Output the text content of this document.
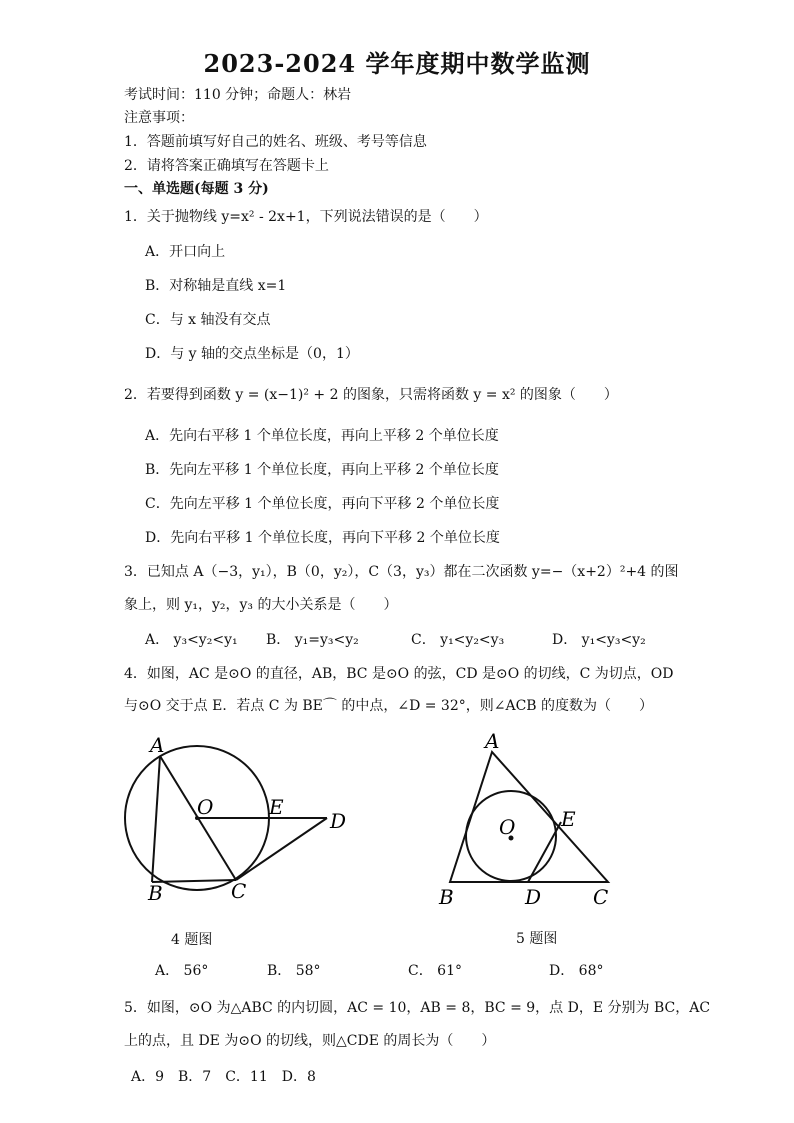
2023-2024 学年度期中数学监测
考试时间：110 分钟；命题人：林岩
注意事项：
1．答题前填写好自己的姓名、班级、考号等信息
2．请将答案正确填写在答题卡上
一、单选题(每题 3 分)
1．关于抛物线 y=x² - 2x+1，下列说法错误的是（　　）
A．开口向上
B．对称轴是直线 x=1
C．与 x 轴没有交点
D．与 y 轴的交点坐标是（0，1）
2．若要得到函数 y = (x−1)² + 2 的图象，只需将函数 y = x² 的图象（　　）
A．先向右平移 1 个单位长度，再向上平移 2 个单位长度
B．先向左平移 1 个单位长度，再向上平移 2 个单位长度
C．先向左平移 1 个单位长度，再向下平移 2 个单位长度
D．先向右平移 1 个单位长度，再向下平移 2 个单位长度
3．已知点 A（−3，y₁），B（0，y₂），C（3，y₃）都在二次函数 y=−（x+2）²+4 的图
象上，则 y₁，y₂，y₃ 的大小关系是（　　）
A． y₃<y₂<y₁ B． y₁=y₃<y₂	C． y₁<y₂<y₃	D． y₁<y₃<y₂
4．如图，AC 是⊙O 的直径，AB，BC 是⊙O 的弦，CD 是⊙O 的切线，C 为切点，OD
与⊙O 交于点 E．若点 C 为 BE⌒ 的中点，∠D = 32°，则∠ACB 的度数为（　　）
A
B	C
O	E
D
4 题图
A
B	C
D
E
O
5 题图
A． 56°	B． 58°	C． 61°	D． 68°
5．如图，⊙O 为△ABC 的内切圆，AC = 10，AB = 8，BC = 9，点 D，E 分别为 BC，AC
上的点，且 DE 为⊙O 的切线，则△CDE 的周长为（　　）
A．9　B．7　C．11　D．8
